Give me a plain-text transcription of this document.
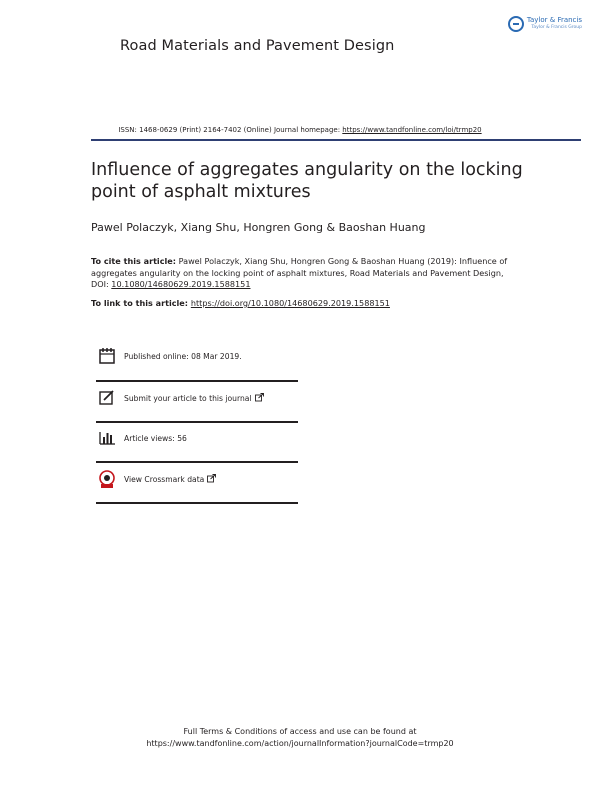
Road Materials and Pavement Design
Taylor & Francis
Taylor & Francis Group
ISSN: 1468-0629 (Print) 2164-7402 (Online) Journal homepage: https://www.tandfonline.com/loi/trmp20
Influence of aggregates angularity on the locking point of asphalt mixtures
Pawel Polaczyk, Xiang Shu, Hongren Gong & Baoshan Huang
To cite this article: Pawel Polaczyk, Xiang Shu, Hongren Gong & Baoshan Huang (2019): Influence of aggregates angularity on the locking point of asphalt mixtures, Road Materials and Pavement Design, DOI: 10.1080/14680629.2019.1588151
To link to this article: https://doi.org/10.1080/14680629.2019.1588151
Published online: 08 Mar 2019.
Submit your article to this journal
Article views: 56
View Crossmark data
Full Terms & Conditions of access and use can be found at
https://www.tandfonline.com/action/journalInformation?journalCode=trmp20
